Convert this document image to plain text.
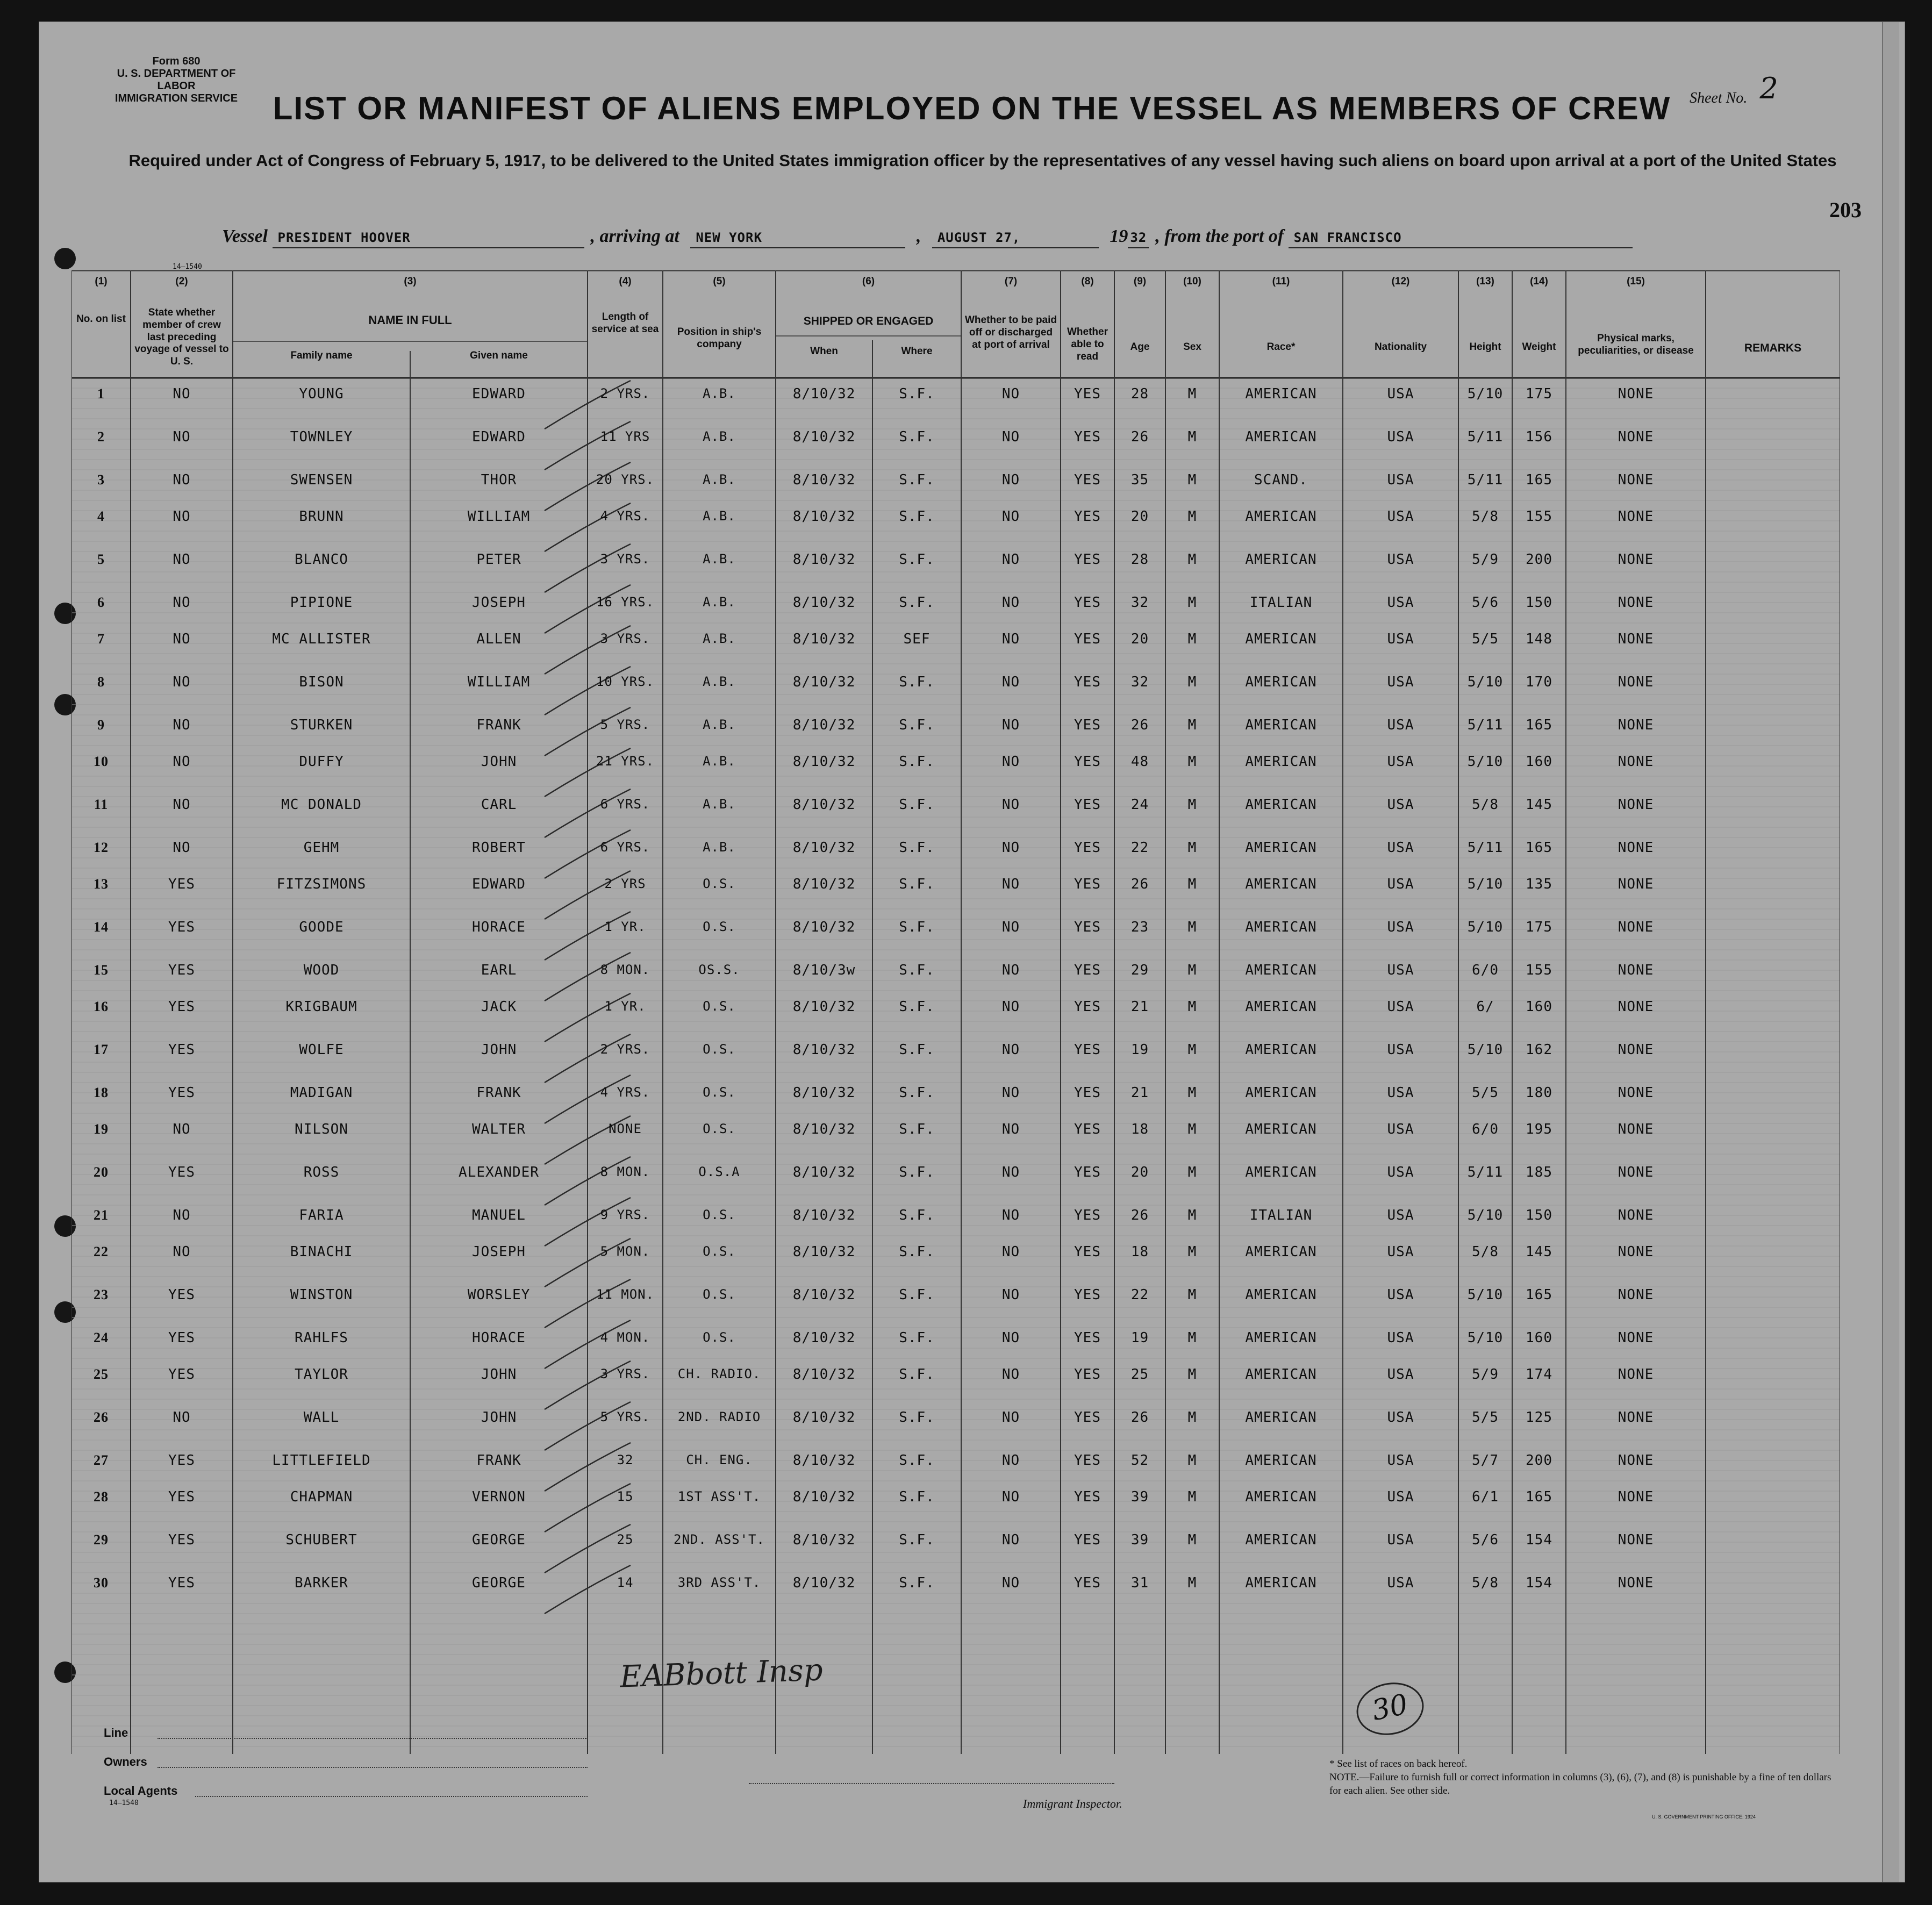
Form 680
U. S. DEPARTMENT OF LABOR
IMMIGRATION SERVICE	Sheet No. 2
203
LIST OR MANIFEST OF ALIENS EMPLOYED ON THE VESSEL AS MEMBERS OF CREW
Required under Act of Congress of February 5, 1917, to be delivered to the United States immigration officer by the representatives of any vessel having such aliens on board upon arrival at a port of the United States
Vessel PRESIDENT HOOVER	, arriving at NEW YORK	, AUGUST 27,	19 32 , from the port of SAN FRANCISCO
14—1540
(1)
No. on list
(2)
State whether member of crew last preceding voyage of vessel to U. S.
(3)
NAME IN FULL
Family name	Given name
(4)
Length of service at sea
(5)
Position in ship's company
(6)
SHIPPED OR ENGAGED
When	Where
(7)
Whether to be paid off or discharged at port of arrival
(8)
Whether able to read
(9)
Age
(10)
Sex
(11)
Race*
(12)
Nationality
(13)
Height
(14)
Weight
(15)
Physical marks, peculiarities, or disease	REMARKS
1	NO	YOUNG	EDWARD	2 YRS.	A.B.	8/10/32	S.F.	NO	YES	28	M	AMERICAN	USA	5/10	175	NONE
2	NO	TOWNLEY	EDWARD	11 YRS	A.B.	8/10/32	S.F.	NO	YES	26	M	AMERICAN	USA	5/11	156	NONE
3	NO	SWENSEN	THOR	20 YRS.	A.B.	8/10/32	S.F.	NO	YES	35	M	SCAND.	USA	5/11	165	NONE
4	NO	BRUNN	WILLIAM	4 YRS.	A.B.	8/10/32	S.F.	NO	YES	20	M	AMERICAN	USA	5/8	155	NONE
5	NO	BLANCO	PETER	3 YRS.	A.B.	8/10/32	S.F.	NO	YES	28	M	AMERICAN	USA	5/9	200	NONE
6	NO	PIPIONE	JOSEPH	16 YRS.	A.B.	8/10/32	S.F.	NO	YES	32	M	ITALIAN	USA	5/6	150	NONE
7	NO	MC ALLISTER	ALLEN	3 YRS.	A.B.	8/10/32	SEF	NO	YES	20	M	AMERICAN	USA	5/5	148	NONE
8	NO	BISON	WILLIAM	10 YRS.	A.B.	8/10/32	S.F.	NO	YES	32	M	AMERICAN	USA	5/10	170	NONE
9	NO	STURKEN	FRANK	5 YRS.	A.B.	8/10/32	S.F.	NO	YES	26	M	AMERICAN	USA	5/11	165	NONE
10	NO	DUFFY	JOHN	21 YRS.	A.B.	8/10/32	S.F.	NO	YES	48	M	AMERICAN	USA	5/10	160	NONE
11	NO	MC DONALD	CARL	6 YRS.	A.B.	8/10/32	S.F.	NO	YES	24	M	AMERICAN	USA	5/8	145	NONE
12	NO	GEHM	ROBERT	6 YRS.	A.B.	8/10/32	S.F.	NO	YES	22	M	AMERICAN	USA	5/11	165	NONE
13	YES	FITZSIMONS	EDWARD	2 YRS	O.S.	8/10/32	S.F.	NO	YES	26	M	AMERICAN	USA	5/10	135	NONE
14	YES	GOODE	HORACE	1 YR.	O.S.	8/10/32	S.F.	NO	YES	23	M	AMERICAN	USA	5/10	175	NONE
15	YES	WOOD	EARL	8 MON.	OS.S.	8/10/3w	S.F.	NO	YES	29	M	AMERICAN	USA	6/0	155	NONE
16	YES	KRIGBAUM	JACK	1 YR.	O.S.	8/10/32	S.F.	NO	YES	21	M	AMERICAN	USA	6/	160	NONE
17	YES	WOLFE	JOHN	2 YRS.	O.S.	8/10/32	S.F.	NO	YES	19	M	AMERICAN	USA	5/10	162	NONE
18	YES	MADIGAN	FRANK	4 YRS.	O.S.	8/10/32	S.F.	NO	YES	21	M	AMERICAN	USA	5/5	180	NONE
19	NO	NILSON	WALTER	NONE	O.S.	8/10/32	S.F.	NO	YES	18	M	AMERICAN	USA	6/0	195	NONE
20	YES	ROSS	ALEXANDER	8 MON.	O.S.A	8/10/32	S.F.	NO	YES	20	M	AMERICAN	USA	5/11	185	NONE
21	NO	FARIA	MANUEL	9 YRS.	O.S.	8/10/32	S.F.	NO	YES	26	M	ITALIAN	USA	5/10	150	NONE
22	NO	BINACHI	JOSEPH	5 MON.	O.S.	8/10/32	S.F.	NO	YES	18	M	AMERICAN	USA	5/8	145	NONE
23	YES	WINSTON	WORSLEY	11 MON.	O.S.	8/10/32	S.F.	NO	YES	22	M	AMERICAN	USA	5/10	165	NONE
24	YES	RAHLFS	HORACE	4 MON.	O.S.	8/10/32	S.F.	NO	YES	19	M	AMERICAN	USA	5/10	160	NONE
25	YES	TAYLOR	JOHN	3 YRS.	CH. RADIO.	8/10/32	S.F.	NO	YES	25	M	AMERICAN	USA	5/9	174	NONE
26	NO	WALL	JOHN	5 YRS.	2ND. RADIO	8/10/32	S.F.	NO	YES	26	M	AMERICAN	USA	5/5	125	NONE
27	YES	LITTLEFIELD	FRANK	32	CH. ENG.	8/10/32	S.F.	NO	YES	52	M	AMERICAN	USA	5/7	200	NONE
28	YES	CHAPMAN	VERNON	15	1ST ASS'T.	8/10/32	S.F.	NO	YES	39	M	AMERICAN	USA	6/1	165	NONE
29	YES	SCHUBERT	GEORGE	25	2ND. ASS'T.	8/10/32	S.F.	NO	YES	39	M	AMERICAN	USA	5/6	154	NONE
30	YES	BARKER	GEORGE	14	3RD ASS'T.	8/10/32	S.F.	NO	YES	31	M	AMERICAN	USA	5/8	154	NONE
EABbott Insp
30
Line
Owners
Local Agents
14—1540	Immigrant Inspector.
* See list of races on back hereof.
NOTE.—Failure to furnish full or correct information in columns (3), (6), (7), and (8) is punishable by a fine of ten dollars for each alien. See other side.
U. S. GOVERNMENT PRINTING OFFICE: 1924
